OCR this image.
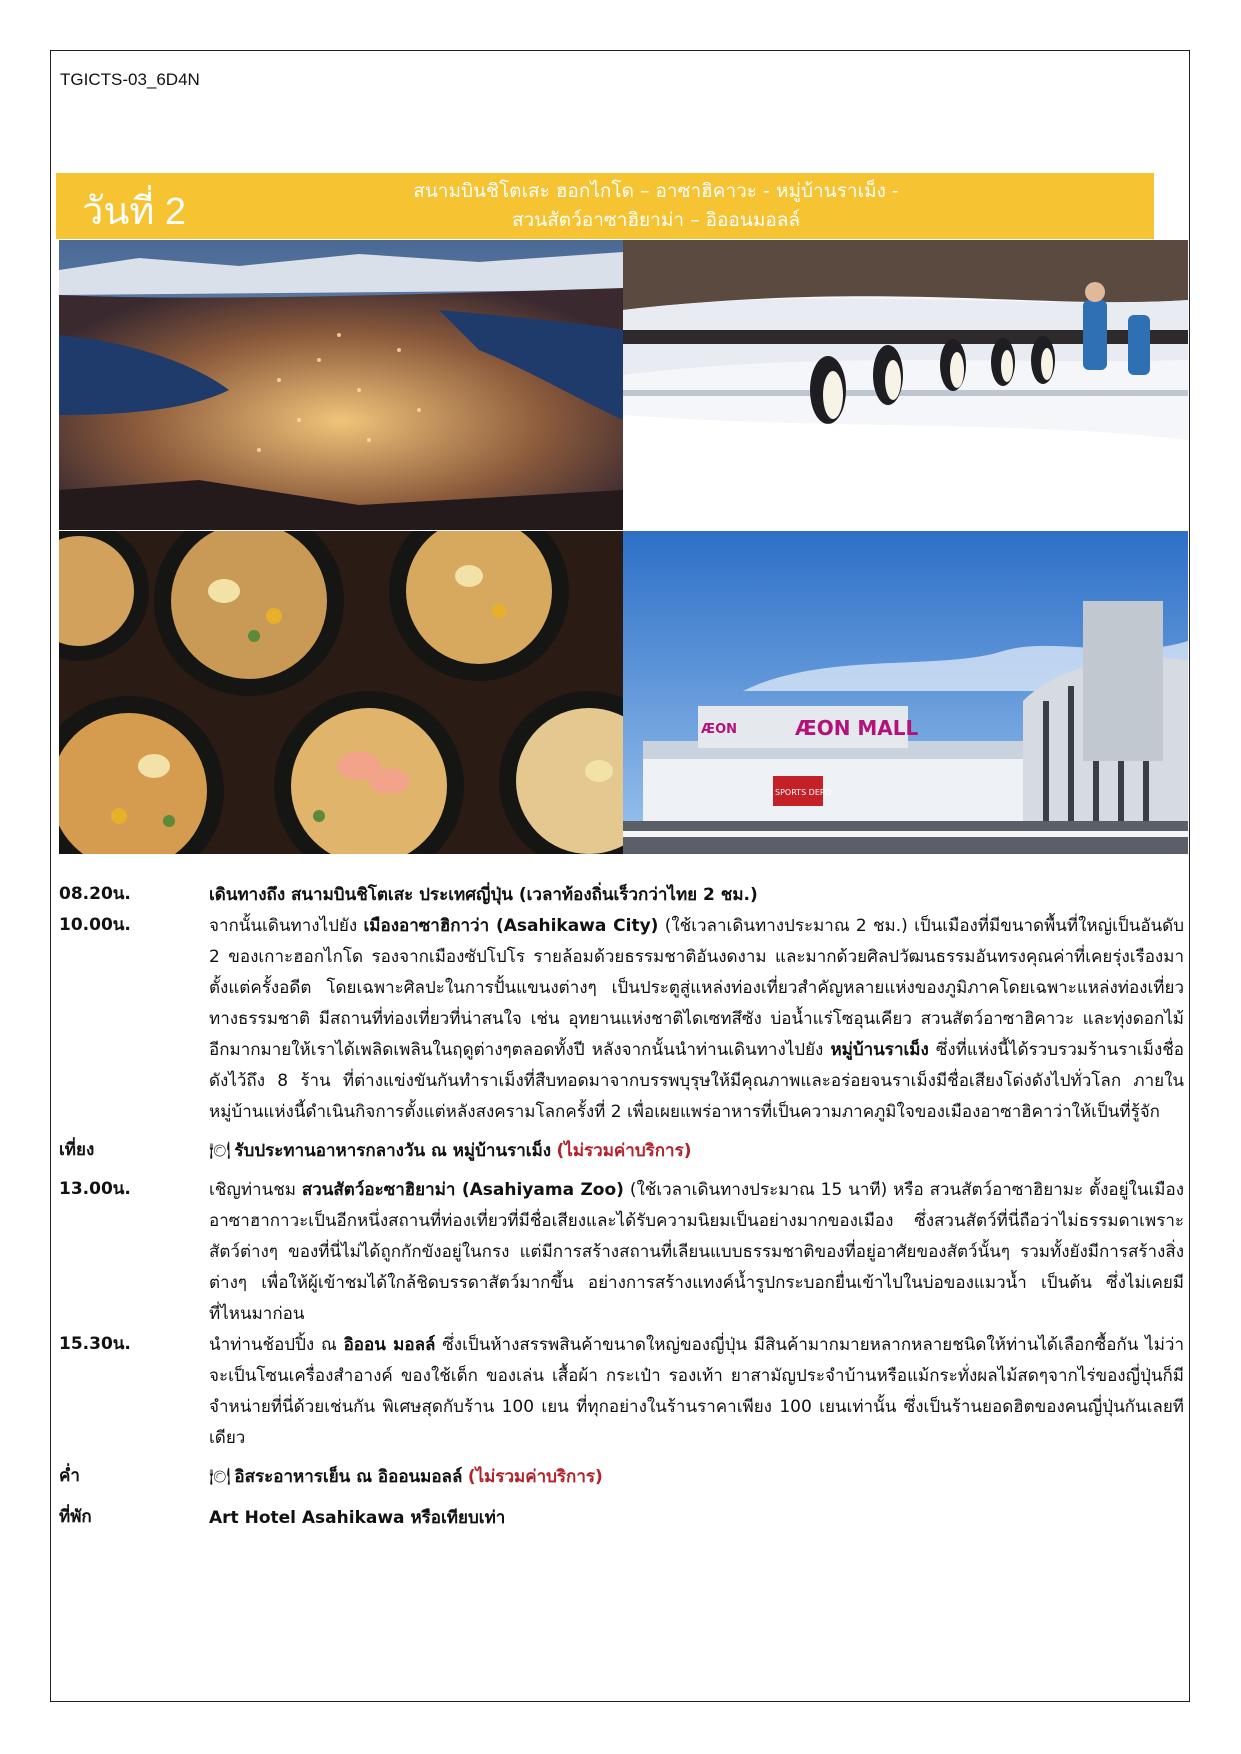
TGICTS-03_6D4N
วันที่ 2	สนามบินชิโตเสะ ฮอกไกโด – อาซาฮิคาวะ - หมู่บ้านราเม็ง -
สวนสัตว์อาซาฮิยาม่า – อิออนมอลล์
ÆON MALL
ÆON
SPORTS DEPO
08.20น.	เดินทางถึง สนามบินชิโตเสะ ประเทศญี่ปุ่น (เวลาท้องถิ่นเร็วกว่าไทย 2 ชม.)
10.00น.	จากนั้นเดินทางไปยัง เมืองอาซาฮิกาว่า (Asahikawa City) (ใช้เวลาเดินทางประมาณ 2 ชม.) เป็นเมืองที่มีขนาดพื้นที่ใหญ่เป็นอันดับ 2 ของเกาะฮอกไกโด รองจากเมืองซัปโปโร รายล้อมด้วยธรรมชาติอันงดงาม และมากด้วยศิลปวัฒนธรรมอันทรงคุณค่าที่เคยรุ่งเรืองมาตั้งแต่ครั้งอดีต โดยเฉพาะศิลปะในการปั้นแขนงต่างๆ เป็นประตูสู่แหล่งท่องเที่ยวสำคัญหลายแห่งของภูมิภาคโดยเฉพาะแหล่งท่องเที่ยวทางธรรมชาติ มีสถานที่ท่องเที่ยวที่น่าสนใจ เช่น อุทยานแห่งชาติไดเซทสึซัง บ่อน้ำแร่โซอุนเคียว สวนสัตว์อาซาฮิคาวะ และทุ่งดอกไม้อีกมากมายให้เราได้เพลิดเพลินในฤดูต่างๆตลอดทั้งปี หลังจากนั้นนำท่านเดินทางไปยัง หมู่บ้านราเม็ง ซึ่งที่แห่งนี้ได้รวบรวมร้านราเม็งชื่อดังไว้ถึง 8 ร้าน ที่ต่างแข่งขันกันทำราเม็งที่สืบทอดมาจากบรรพบุรุษให้มีคุณภาพและอร่อยจนราเม็งมีชื่อเสียงโด่งดังไปทั่วโลก ภายในหมู่บ้านแห่งนี้ดำเนินกิจการตั้งแต่หลังสงครามโลกครั้งที่ 2 เพื่อเผยแพร่อาหารที่เป็นความภาคภูมิใจของเมืองอาซาฮิคาว่าให้เป็นที่รู้จัก
เที่ยง	🍽 รับประทานอาหารกลางวัน ณ หมู่บ้านราเม็ง (ไม่รวมค่าบริการ)
13.00น.	เชิญท่านชม สวนสัตว์อะซาฮิยาม่า (Asahiyama Zoo) (ใช้เวลาเดินทางประมาณ 15 นาที) หรือ สวนสัตว์อาซาฮิยามะ ตั้งอยู่ในเมืองอาซาฮากาวะเป็นอีกหนึ่งสถานที่ท่องเที่ยวที่มีชื่อเสียงและได้รับความนิยมเป็นอย่างมากของเมือง ซึ่งสวนสัตว์ที่นี่ถือว่าไม่ธรรมดาเพราะสัตว์ต่างๆ ของที่นี่ไม่ได้ถูกกักขังอยู่ในกรง แต่มีการสร้างสถานที่เลียนแบบธรรมชาติของที่อยู่อาศัยของสัตว์นั้นๆ รวมทั้งยังมีการสร้างสิ่งต่างๆ เพื่อให้ผู้เข้าชมได้ใกล้ชิดบรรดาสัตว์มากขึ้น อย่างการสร้างแทงค์น้ำรูปกระบอกยื่นเข้าไปในบ่อของแมวน้ำ เป็นต้น ซึ่งไม่เคยมีที่ไหนมาก่อน
15.30น.	นำท่านช้อปปิ้ง ณ อิออน มอลล์ ซึ่งเป็นห้างสรรพสินค้าขนาดใหญ่ของญี่ปุ่น มีสินค้ามากมายหลากหลายชนิดให้ท่านได้เลือกซื้อกัน ไม่ว่าจะเป็นโซนเครื่องสำอางค์ ของใช้เด็ก ของเล่น เสื้อผ้า กระเป๋า รองเท้า ยาสามัญประจำบ้านหรือแม้กระทั่งผลไม้สดๆจากไร่ของญี่ปุ่นก็มีจำหน่ายที่นี่ด้วยเช่นกัน พิเศษสุดกับร้าน 100 เยน ที่ทุกอย่างในร้านราคาเพียง 100 เยนเท่านั้น ซึ่งเป็นร้านยอดฮิตของคนญี่ปุ่นกันเลยทีเดียว
ค่ำ	🍽 อิสระอาหารเย็น ณ อิออนมอลล์ (ไม่รวมค่าบริการ)
ที่พัก	Art Hotel Asahikawa หรือเทียบเท่า
